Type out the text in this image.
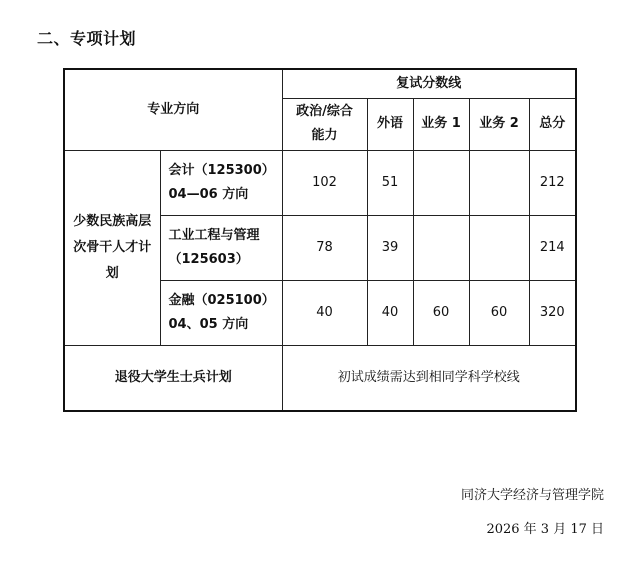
二、专项计划
专业方向		复试分数线				

		政治/综合
能力	外语	业务 1	业务 2	总分
少数民族高层次骨干人才计划	会计（125300）
04—06 方向	102	51			212

	工业工程与管理
（125603）	78	39			214

	金融（025100）
04、05 方向	40	40	60	60	320
退役大学生士兵计划		初试成绩需达到相同学科学校线				
同济大学经济与管理学院
2026 年 3 月 17 日
